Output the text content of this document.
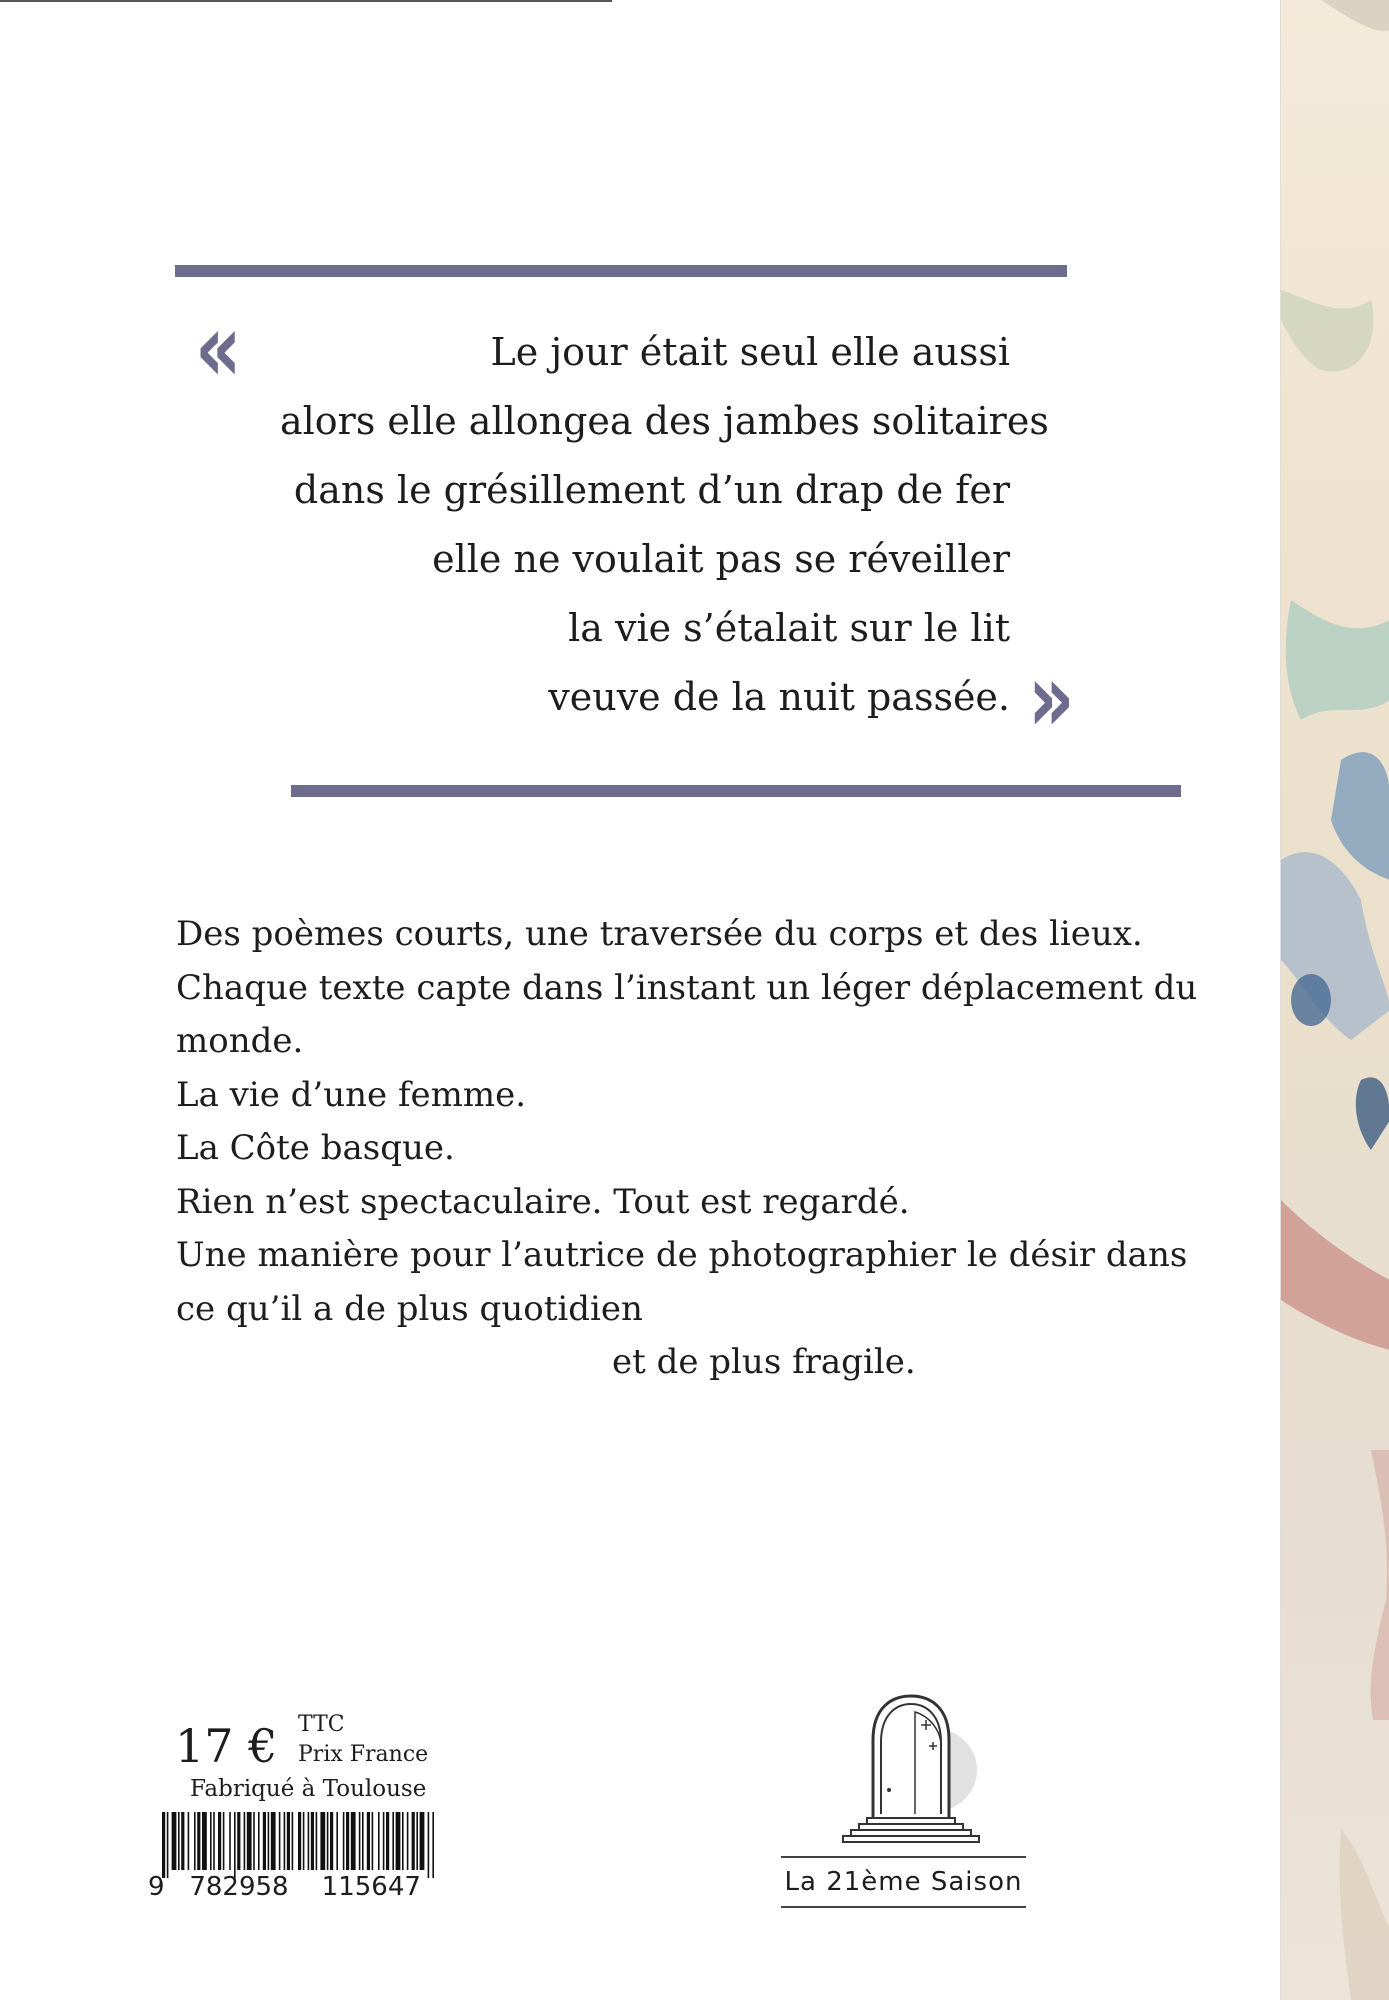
«	Le jour était seul elle aussi
alors elle allongea des jambes solitaires
dans le grésillement d’un drap de fer
elle ne voulait pas se réveiller
la vie s’étalait sur le lit
veuve de la nuit passée. »
Des poèmes courts, une traversée du corps et des lieux.
Chaque texte capte dans l’instant un léger déplacement du
monde.
La vie d’une femme.
La Côte basque.
Rien n’est spectaculaire. Tout est regardé.
Une manière pour l’autrice de photographier le désir dans
ce qu’il a de plus quotidien
et de plus fragile.
17 € TTC
Prix France
Fabriqué à Toulouse
9 782958 115647	La 21ème Saison
